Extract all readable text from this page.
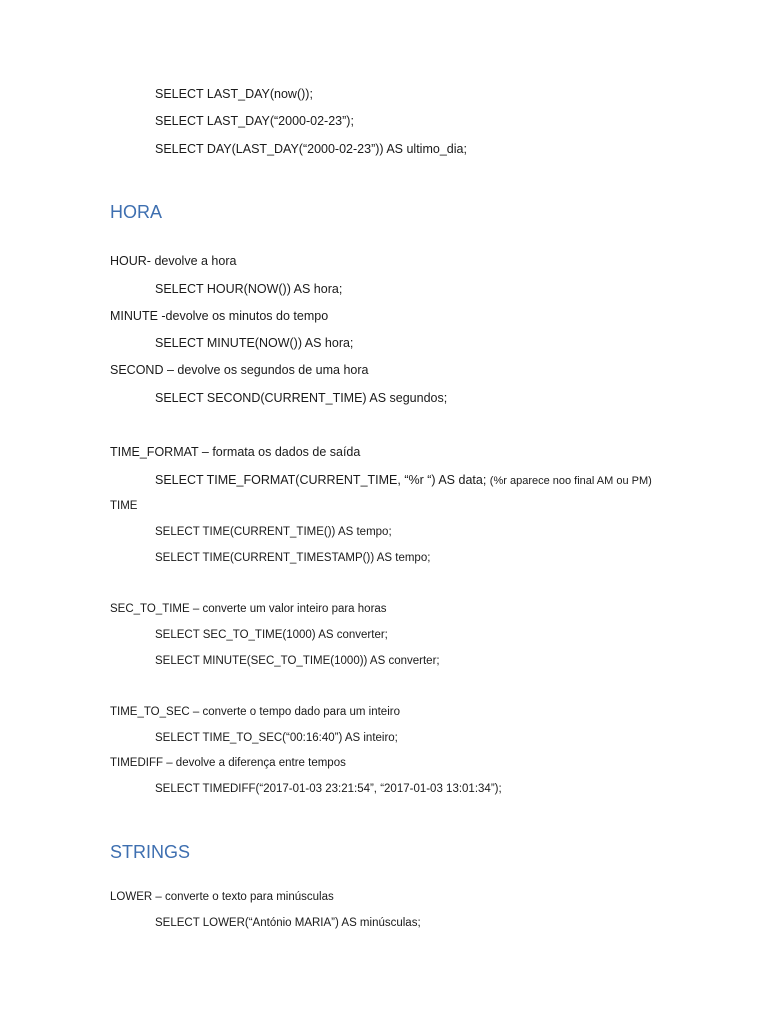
SELECT LAST_DAY(now());
SELECT LAST_DAY(“2000-02-23”);
SELECT DAY(LAST_DAY(“2000-02-23”)) AS ultimo_dia;
HORA
HOUR- devolve a hora
SELECT HOUR(NOW()) AS hora;
MINUTE -devolve os minutos do tempo
SELECT MINUTE(NOW()) AS hora;
SECOND – devolve os segundos de uma hora
SELECT SECOND(CURRENT_TIME) AS segundos;
TIME_FORMAT – formata os dados de saída
SELECT TIME_FORMAT(CURRENT_TIME, “%r “) AS data; (%r aparece noo final AM ou PM)
TIME
SELECT TIME(CURRENT_TIME()) AS tempo;
SELECT TIME(CURRENT_TIMESTAMP()) AS tempo;
SEC_TO_TIME – converte um valor inteiro para horas
SELECT SEC_TO_TIME(1000) AS converter;
SELECT MINUTE(SEC_TO_TIME(1000)) AS converter;
TIME_TO_SEC – converte o tempo dado para um inteiro
SELECT TIME_TO_SEC(“00:16:40”) AS inteiro;
TIMEDIFF – devolve a diferença entre tempos
SELECT TIMEDIFF(“2017-01-03 23:21:54”, “2017-01-03 13:01:34”);
STRINGS
LOWER – converte o texto para minúsculas
SELECT LOWER(“António MARIA”) AS minúsculas;
